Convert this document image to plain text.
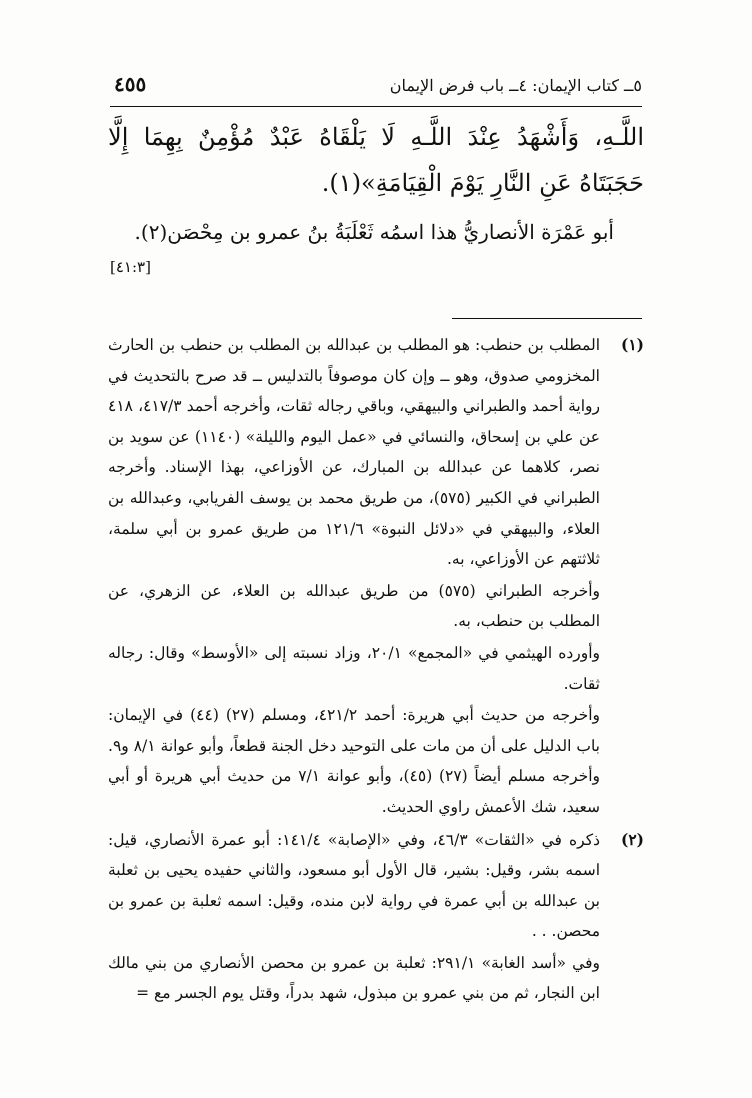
٥ــ كتاب الإيمان: ٤ــ باب فرض الإيمان
٤٥٥

اللَّـهِ، وَأَشْهَدُ عِنْدَ اللَّـهِ لَا يَلْقَاهُ عَبْدٌ مُؤْمِنٌ بِهِمَا إِلَّا حَجَبَتَاهُ عَنِ النَّارِ يَوْمَ الْقِيَامَةِ»(١).

أبو عَمْرَة الأنصاريُّ هذا اسمُه ثَعْلَبَةُ بنُ عمرو بن مِحْصَن(٢).

[٤١:٣]

(١)

المطلب بن حنطب: هو المطلب بن عبدالله بن المطلب بن حنطب بن الحارث المخزومي صدوق، وهو ــ وإن كان موصوفاً بالتدليس ــ قد صرح بالتحديث في رواية أحمد والطبراني والبيهقي، وباقي رجاله ثقات، وأخرجه أحمد ٤١٧/٣، ٤١٨ عن علي بن إسحاق، والنسائي في «عمل اليوم والليلة» (١١٤٠) عن سويد بن نصر، كلاهما عن عبدالله بن المبارك، عن الأوزاعي، بهذا الإسناد. وأخرجه الطبراني في الكبير (٥٧٥)، من طريق محمد بن يوسف الفريابي، وعبدالله بن العلاء، والبيهقي في «دلائل النبوة» ١٢١/٦ من طريق عمرو بن أبي سلمة، ثلاثتهم عن الأوزاعي، به.

وأخرجه الطبراني (٥٧٥) من طريق عبدالله بن العلاء، عن الزهري، عن المطلب بن حنطب، به.

وأورده الهيثمي في «المجمع» ٢٠/١، وزاد نسبته إلى «الأوسط» وقال: رجاله ثقات.

وأخرجه من حديث أبي هريرة: أحمد ٤٢١/٢، ومسلم (٢٧) (٤٤) في الإيمان: باب الدليل على أن من مات على التوحيد دخل الجنة قطعاً، وأبو عوانة ٨/١ و٩. وأخرجه مسلم أيضاً (٢٧) (٤٥)، وأبو عوانة ٧/١ من حديث أبي هريرة أو أبي سعيد، شك الأعمش راوي الحديث.

(٢)

ذكره في «الثقات» ٤٦/٣، وفي «الإصابة» ١٤١/٤: أبو عمرة الأنصاري، قيل: اسمه بشر، وقيل: بشير، قال الأول أبو مسعود، والثاني حفيده يحيى بن ثعلبة بن عبدالله بن أبي عمرة في رواية لابن منده، وقيل: اسمه ثعلبة بن عمرو بن محصن. . .

وفي «أسد الغابة» ٢٩١/١: ثعلبة بن عمرو بن محصن الأنصاري من بني مالك ابن النجار، ثم من بني عمرو بن مبذول، شهد بدراً، وقتل يوم الجسر مع =
